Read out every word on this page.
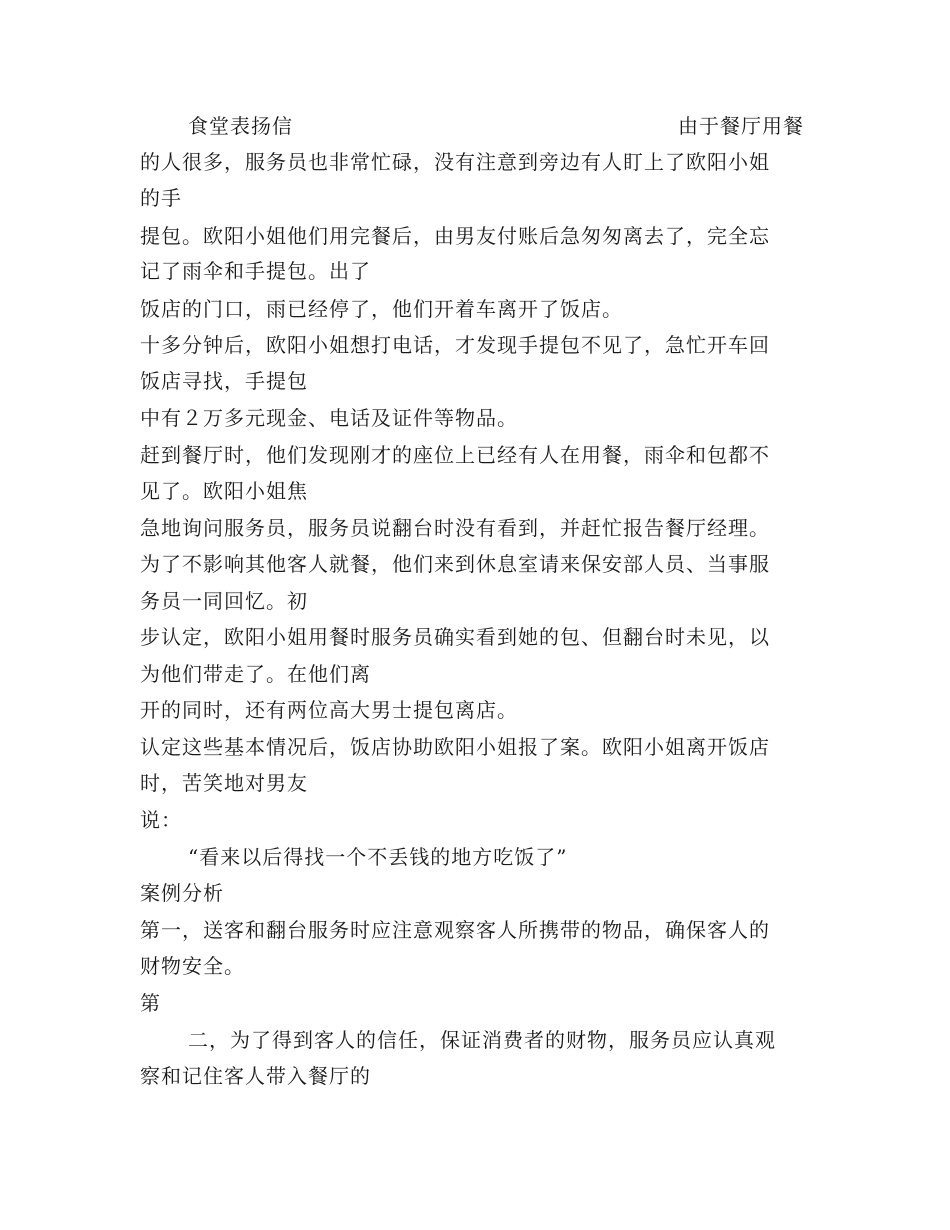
食堂表扬信	由于餐厅用餐
的人很多，服务员也非常忙碌，没有注意到旁边有人盯上了欧阳小姐
的手
提包。欧阳小姐他们用完餐后，由男友付账后急匆匆离去了，完全忘
记了雨伞和手提包。出了
饭店的门口，雨已经停了，他们开着车离开了饭店。
十多分钟后，欧阳小姐想打电话，才发现手提包不见了，急忙开车回
饭店寻找，手提包
中有２万多元现金、电话及证件等物品。
赶到餐厅时，他们发现刚才的座位上已经有人在用餐，雨伞和包都不
见了。欧阳小姐焦
急地询问服务员，服务员说翻台时没有看到，并赶忙报告餐厅经理。
为了不影响其他客人就餐，他们来到休息室请来保安部人员、当事服
务员一同回忆。初
步认定，欧阳小姐用餐时服务员确实看到她的包、但翻台时未见，以
为他们带走了。在他们离
开的同时，还有两位高大男士提包离店。
认定这些基本情况后，饭店协助欧阳小姐报了案。欧阳小姐离开饭店
时，苦笑地对男友
说：
“看来以后得找一个不丢钱的地方吃饭了”
案例分析
第一，送客和翻台服务时应注意观察客人所携带的物品，确保客人的
财物安全。
第
二，为了得到客人的信任，保证消费者的财物，服务员应认真观
察和记住客人带入餐厅的
